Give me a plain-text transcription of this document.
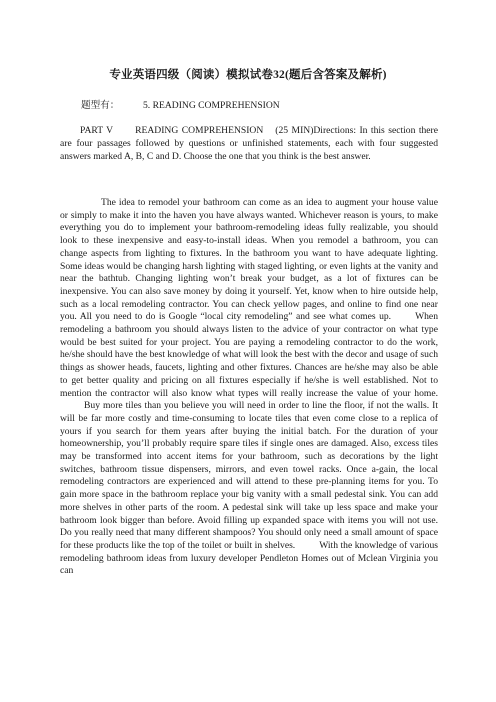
专业英语四级（阅读）模拟试卷32(题后含答案及解析)
题型有： 5. READING COMPREHENSION
PART V READING COMPREHENSION (25 MIN)Directions: In this section there are four passages followed by questions or unfinished statements, each with four suggested answers marked A, B, C and D. Choose the one that you think is the best answer.
The idea to remodel your bathroom can come as an idea to augment your house value or simply to make it into the haven you have always wanted. Whichever reason is yours, to make everything you do to implement your bathroom-remodeling ideas fully realizable, you should look to these inexpensive and easy-to-install ideas. When you remodel a bathroom, you can change aspects from lighting to fixtures. In the bathroom you want to have adequate lighting. Some ideas would be changing harsh lighting with staged lighting, or even lights at the vanity and near the bathtub. Changing lighting won’t break your budget, as a lot of fixtures can be inexpensive. You can also save money by doing it yourself. Yet, know when to hire outside help, such as a local remodeling contractor. You can check yellow pages, and online to find one near you. All you need to do is Google “local city remodeling” and see what comes up.	When remodeling a bathroom you should always listen to the advice of your contractor on what type would be best suited for your project. You are paying a remodeling contractor to do the work, he/she should have the best knowledge of what will look the best with the decor and usage of such things as shower heads, faucets, lighting and other fixtures. Chances are he/she may also be able to get better quality and pricing on all fixtures especially if he/she is well established. Not to mention the contractor will also know what types will really increase the value of your home.Buy more tiles than you believe you will need in order to line the floor, if not the walls. It will be far more costly and time-consuming to locate tiles that even come close to a replica of yours if you search for them years after buying the initial batch. For the duration of your homeownership, you’ll probably require spare tiles if single ones are damaged. Also, excess tiles may be transformed into accent items for your bathroom, such as decorations by the light switches, bathroom tissue dispensers, mirrors, and even towel racks. Once a-gain, the local remodeling contractors are experienced and will attend to these pre-planning items for you. To gain more space in the bathroom replace your big vanity with a small pedestal sink. You can add more shelves in other parts of the room. A pedestal sink will take up less space and make your bathroom look bigger than before. Avoid filling up expanded space with items you will not use. Do you really need that many different shampoos? You should only need a small amount of space for these products like the top of the toilet or built in shelves.	With the knowledge of various remodeling bathroom ideas from luxury developer Pendleton Homes out of Mclean Virginia you can
